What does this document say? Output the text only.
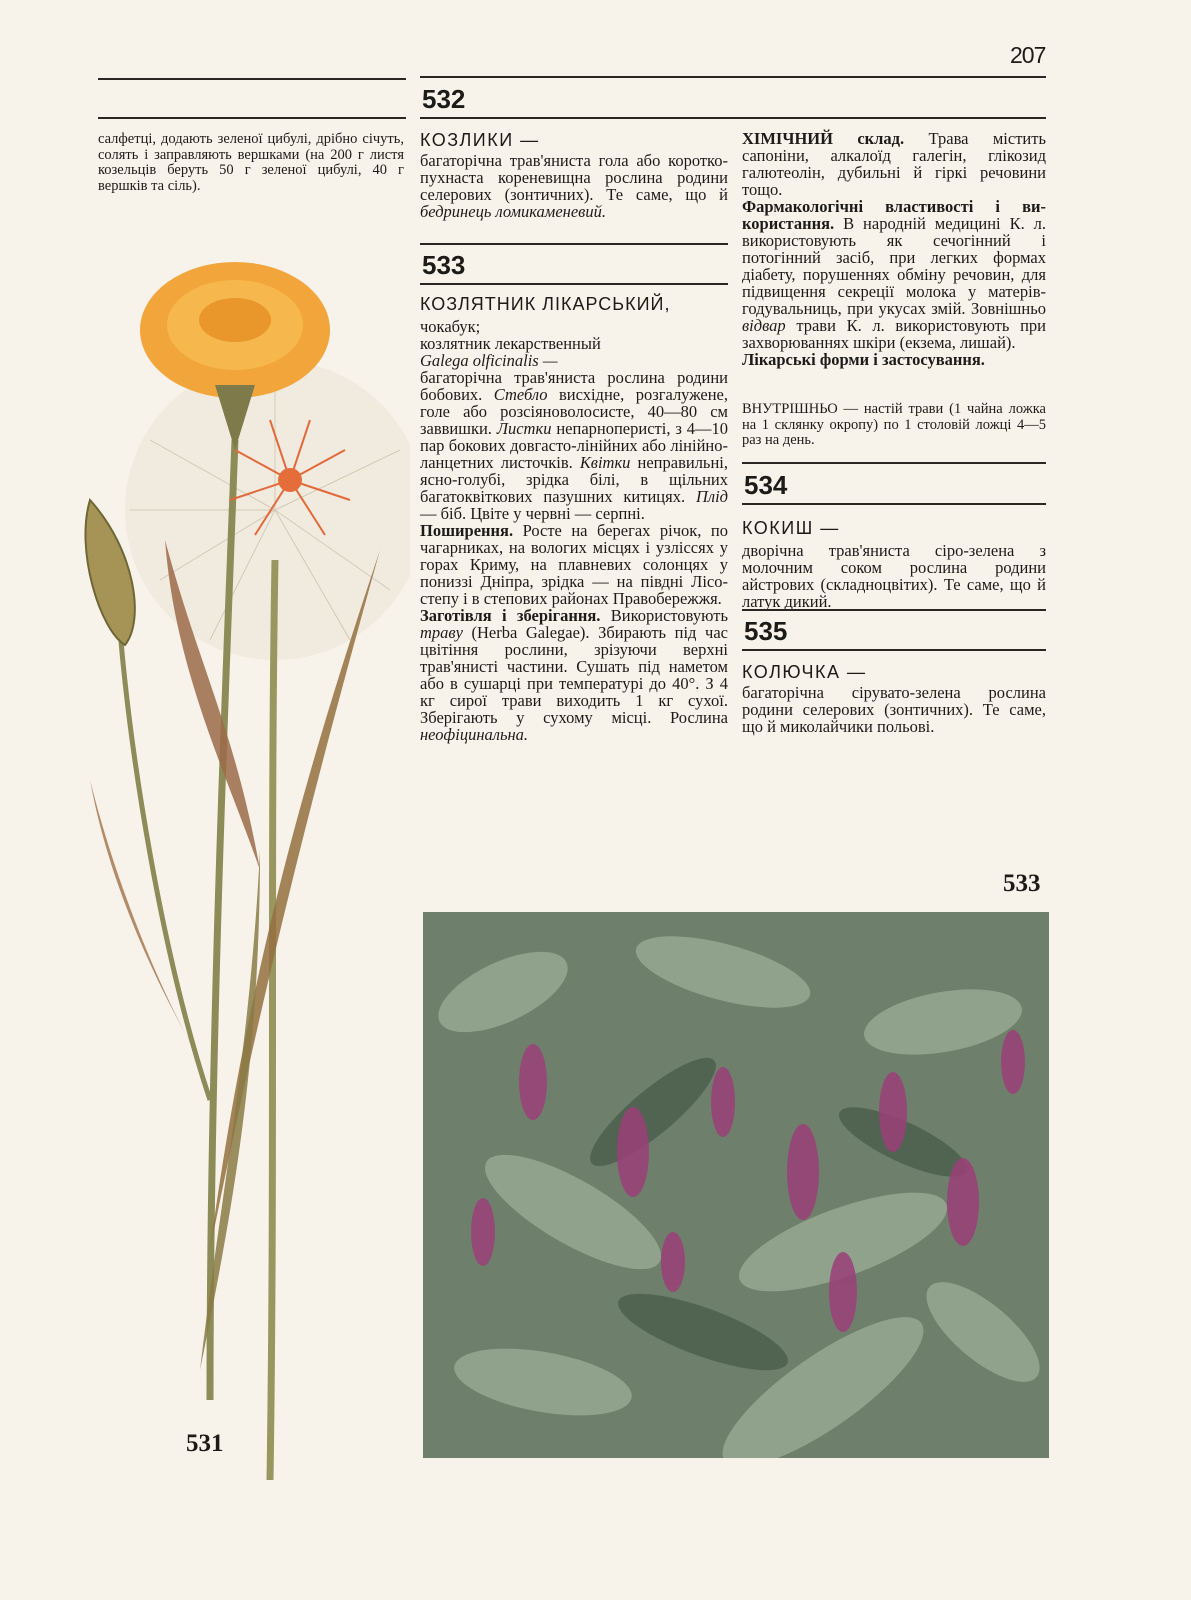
207

салфетці, додають зеленої цибулі, дрібно січуть, солять і заправляють вершками (на 200 г листя козельців беруть 50 г зеленої цибулі, 40 г вершків та сіль).

532
КОЗЛИКИ —

багаторічна трав'яниста гола або короткопухнаста кореневищна рослина родини селерових (зонтичних). Те саме, що й бедринець ломикаменевий.

533
КОЗЛЯТНИК ЛІКАРСЬКИЙ,

чокабук;

козлятник лекарственный

Galega olficinalis —

багаторічна трав'яниста рослина родини бобових. Стебло висхідне, розгалужене, голе або розсіяноволосисте, 40—80 см заввишки. Листки непарноперисті, з 4—10 пар бокових довгасто-лінійних або лінійно-ланцетних листочків. Квітки неправильні, ясно-голубі, зрідка білі, в щільних багатоквіткових пазушних китицях. Плід — біб. Цвіте у червні — серпні.

Поширення. Росте на берегах річок, по чагарниках, на вологих місцях і узліссях у горах Криму, на плавневих солонцях у пониззі Дніпра, зрідка — на півдні Лісостепу і в степових районах Правобережжя.

Заготівля і зберігання. Використовують траву (Herba Galegae). Збирають під час цвітіння рослини, зрізуючи верхні трав'янисті частини. Сушать під наметом або в сушарці при температурі до 40°. З 4 кг сирої трави виходить 1 кг сухої. Зберігають у сухому місці. Рослина неофіцинальна.

ХІМІЧНИЙ склад. Трава містить сапоніни, алкалоїд галегін, глікозид галютеолін, дубильні й гіркі речовини тощо.

Фармакологічні властивості і використання. В народній медицині К. л. використовують як сечогінний і потогінний засіб, при легких формах діабету, порушеннях обміну речовин, для підвищення секреції молока у матерів-годувальниць, при укусах змій. Зовнішньо відвар трави К. л. використовують при захворюваннях шкіри (екзема, лишай).

Лікарські форми і застосування.

ВНУТРІШНЬО — настій трави (1 чайна ложка на 1 склянку окропу) по 1 столовій ложці 4—5 раз на день.

534
КОКИШ —

дворічна трав'яниста сіро-зелена з молочним соком рослина родини айстрових (складноцвітих). Те саме, що й латук дикий.

535
КОЛЮЧКА —

багаторічна сірувато-зелена рослина родини селерових (зонтичних). Те саме, що й миколайчики польові.

531
533
